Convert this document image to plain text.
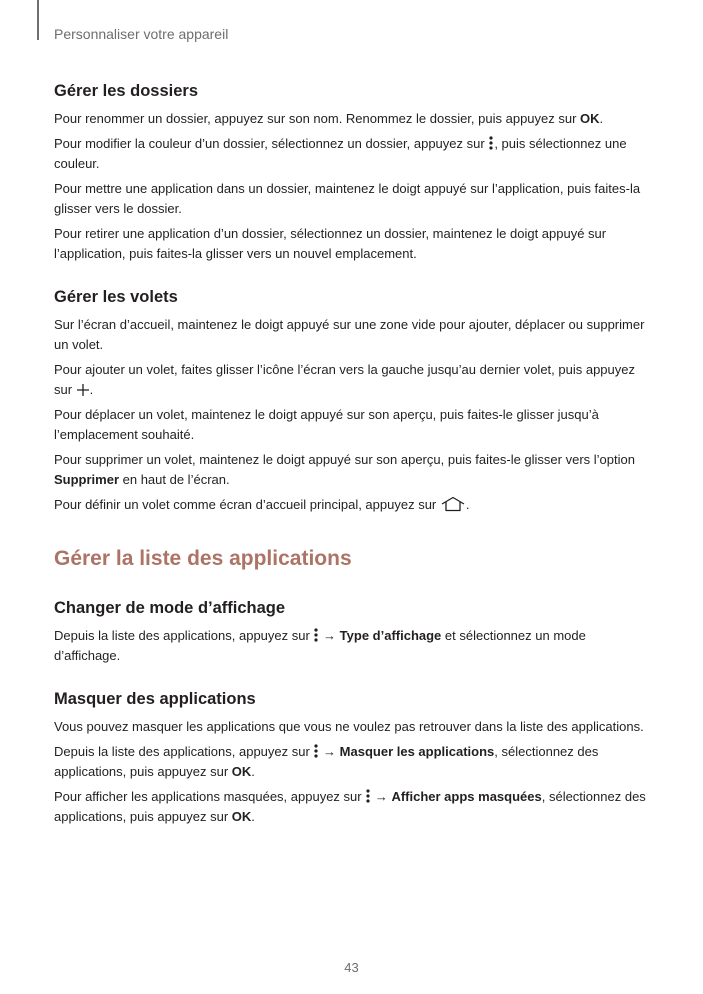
Personnaliser votre appareil
Gérer les dossiers

Pour renommer un dossier, appuyez sur son nom. Renommez le dossier, puis appuyez sur OK.

Pour modifier la couleur d’un dossier, sélectionnez un dossier, appuyez sur , puis sélectionnez une couleur.

Pour mettre une application dans un dossier, maintenez le doigt appuyé sur l’application, puis faites-la glisser vers le dossier.

Pour retirer une application d’un dossier, sélectionnez un dossier, maintenez le doigt appuyé sur l’application, puis faites-la glisser vers un nouvel emplacement.

Gérer les volets

Sur l’écran d’accueil, maintenez le doigt appuyé sur une zone vide pour ajouter, déplacer ou supprimer un volet.

Pour ajouter un volet, faites glisser l’icône l’écran vers la gauche jusqu’au dernier volet, puis appuyez sur .

Pour déplacer un volet, maintenez le doigt appuyé sur son aperçu, puis faites-le glisser jusqu’à l’emplacement souhaité.

Pour supprimer un volet, maintenez le doigt appuyé sur son aperçu, puis faites-le glisser vers l’option Supprimer en haut de l’écran.

Pour définir un volet comme écran d’accueil principal, appuyez sur .

Gérer la liste des applications
Changer de mode d’affichage

Depuis la liste des applications, appuyez sur  → Type d’affichage et sélectionnez un mode d’affichage.

Masquer des applications

Vous pouvez masquer les applications que vous ne voulez pas retrouver dans la liste des applications.

Depuis la liste des applications, appuyez sur  → Masquer les applications, sélectionnez des applications, puis appuyez sur OK.

Pour afficher les applications masquées, appuyez sur  → Afficher apps masquées, sélectionnez des applications, puis appuyez sur OK.

43
